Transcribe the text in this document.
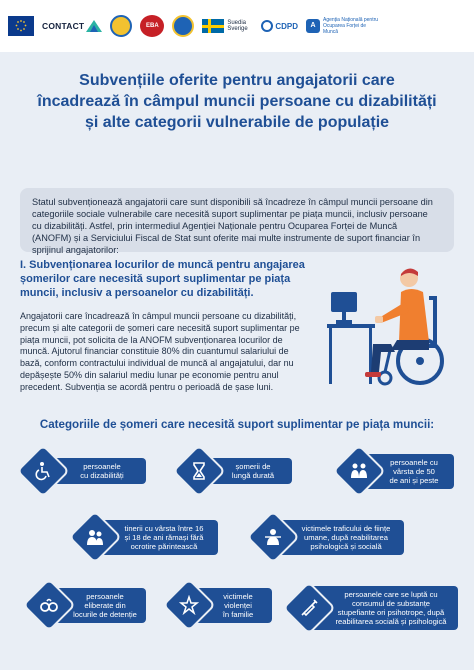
CONTACT	EBA	Suedia Sverige	CDPD	A
Agenția Națională pentru Ocuparea Forței de Muncă
Subvențiile oferite pentru angajatorii care
încadrează în câmpul muncii persoane cu dizabilități
și alte categorii vulnerabile de populație
Statul subvenționează angajatorii care sunt disponibili să încadreze în câmpul muncii persoane din
categoriile sociale vulnerabile care necesită suport suplimentar pe piața muncii, inclusiv persoane
cu dizabilități. Astfel, prin intermediul Agenției Naționale pentru Ocuparea Forței de Muncă
(ANOFM) și a Serviciului Fiscal de Stat sunt oferite mai multe instrumente de suport financiar în
sprijinul angajatorilor:
I. Subvenționarea locurilor de muncă pentru angajarea
șomerilor care necesită suport suplimentar pe piața
muncii, inclusiv a persoanelor cu dizabilități.
Angajatorii care încadrează în câmpul muncii persoane cu dizabilități,
precum și alte categorii de șomeri care necesită suport suplimentar pe
piața muncii, pot solicita de la ANOFM subvenționarea locurilor de
muncă. Ajutorul financiar constituie 80% din cuantumul salariului de
bază, conform contractului individual de muncă al angajatului, dar nu
depășește 50% din salariul mediu lunar pe economie pentru anul
precedent. Subvenția se acordă pentru o perioadă de șase luni.
Categoriile de șomeri care necesită suport suplimentar pe piața muncii:
persoanele
cu dizabilități
șomerii de
lungă durată
persoanele cu
vârsta de 50
de ani și peste
tinerii cu vârsta între 16
și 18 de ani rămași fără
ocrotire părintească
victimele traficului de ființe
umane, după reabilitarea
psihologică și socială
persoanele
eliberate din
locurile de detenție
victimele
violenței
în familie
persoanele care se luptă cu
consumul de substanțe
stupefiante ori psihotrope, după
reabilitarea socială și psihologică
